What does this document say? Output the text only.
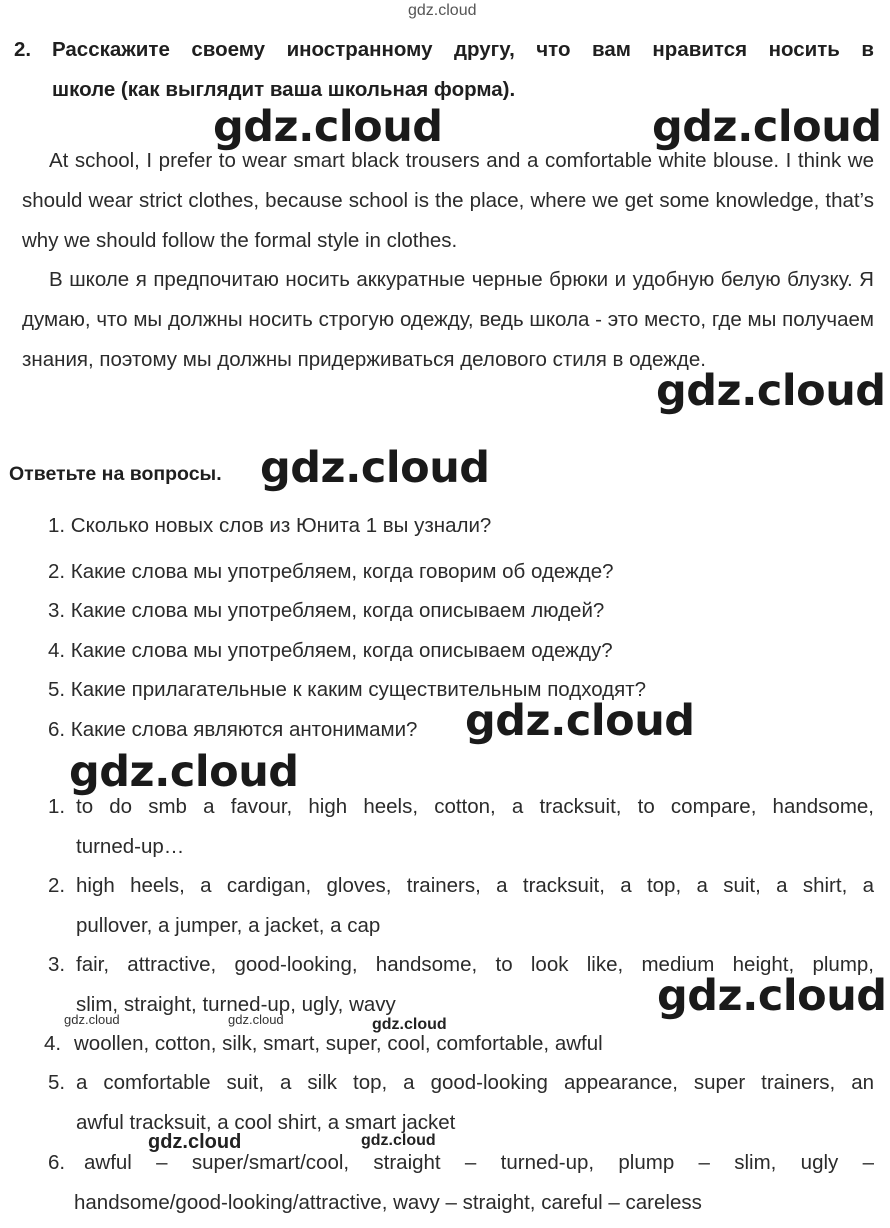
gdz.cloud
2. Расскажите своему иностранному другу, что вам нравится носить в
школе (как выглядит ваша школьная форма).
gdz.cloud	gdz.cloud

At school, I prefer to wear smart black trousers and a comfortable white blouse. I think we should wear strict clothes, because school is the place, where we get some knowledge, that’s why we should follow the formal style in clothes.

В школе я предпочитаю носить аккуратные черные брюки и удобную белую блузку. Я думаю, что мы должны носить строгую одежду, ведь школа - это место, где мы получаем знания, поэтому мы должны придерживаться делового стиля в одежде.

gdz.cloud
Ответьте на вопросы. gdz.cloud
1. Сколько новых слов из Юнита 1 вы узнали?
2. Какие слова мы употребляем, когда говорим об одежде?
3. Какие слова мы употребляем, когда описываем людей?
4. Какие слова мы употребляем, когда описываем одежду?
5. Какие прилагательные к каким существительным подходят?
6. Какие слова являются антонимами? gdz.cloud
gdz.cloud
1. to do smb a favour, high heels, cotton, a tracksuit, to compare, handsome,
turned-up…
2. high heels, a cardigan, gloves, trainers, a tracksuit, a top, a suit, a shirt, a
pullover, a jumper, a jacket, a cap
3. fair, attractive, good-looking, handsome, to look like, medium height, plump,
slim, straight, turned-up, ugly, wavy
4. woollen, cotton, silk, smart, super, cool, comfortable, awful
5. a comfortable suit, a silk top, a good-looking appearance, super trainers, an
awful tracksuit, a cool shirt, a smart jacket
6. awful – super/smart/cool, straight – turned-up, plump – slim, ugly –
handsome/good-looking/attractive, wavy – straight, careful – careless
gdz.cloud
gdz.cloud	gdz.cloud	gdz.cloud
gdz.cloud	gdz.cloud
